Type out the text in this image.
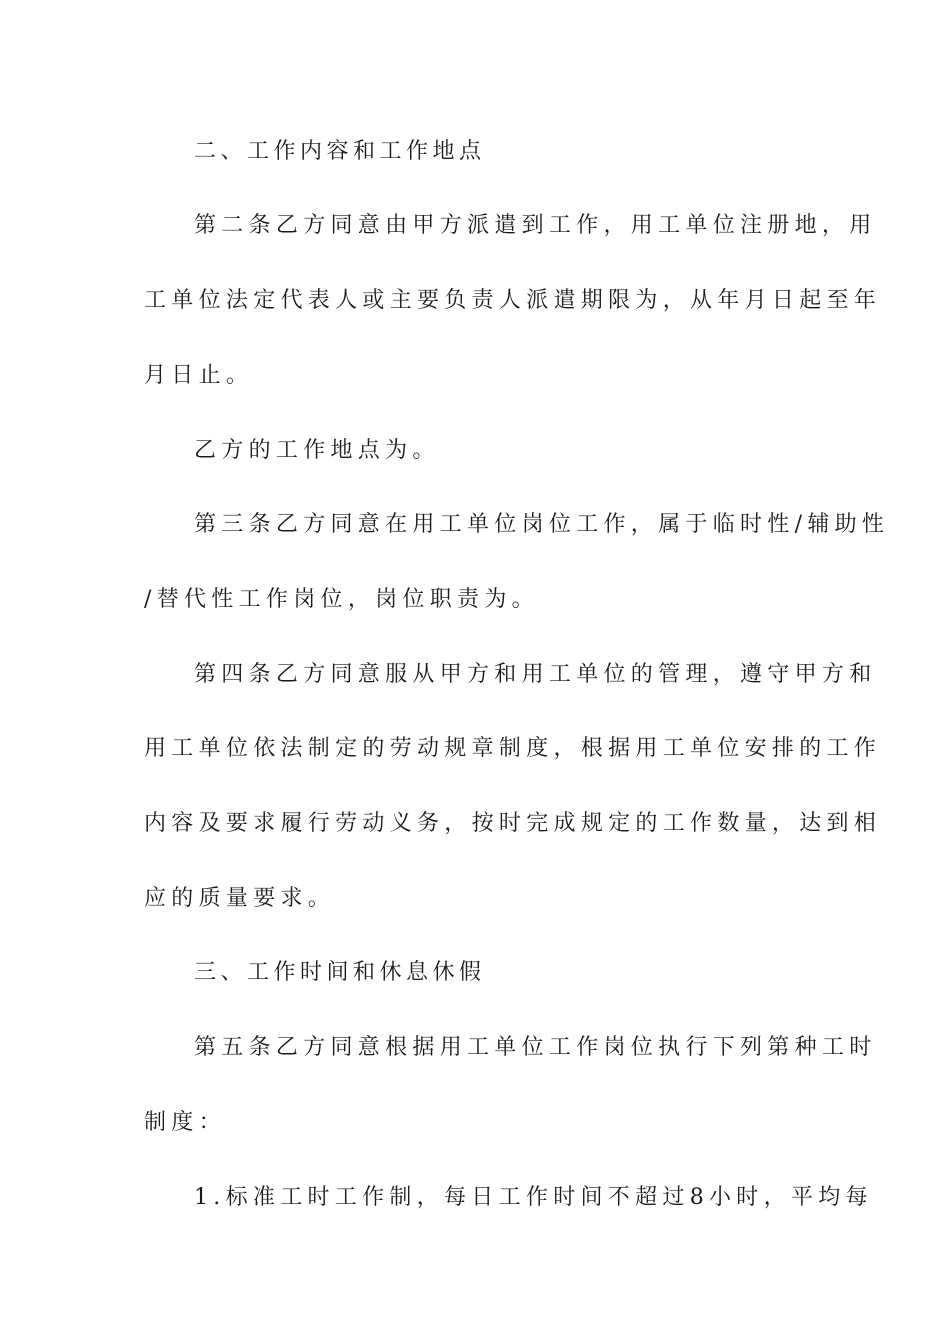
二、工作内容和工作地点
第二条乙方同意由甲方派遣到工作，用工单位注册地，用
工单位法定代表人或主要负责人派遣期限为，从年月日起至年
月日止。
乙方的工作地点为。
第三条乙方同意在用工单位岗位工作，属于临时性/辅助性
/替代性工作岗位，岗位职责为。
第四条乙方同意服从甲方和用工单位的管理，遵守甲方和
用工单位依法制定的劳动规章制度，根据用工单位安排的工作
内容及要求履行劳动义务，按时完成规定的工作数量，达到相
应的质量要求。
三、工作时间和休息休假
第五条乙方同意根据用工单位工作岗位执行下列第种工时
制度：
1.标准工时工作制，每日工作时间不超过8小时，平均每
